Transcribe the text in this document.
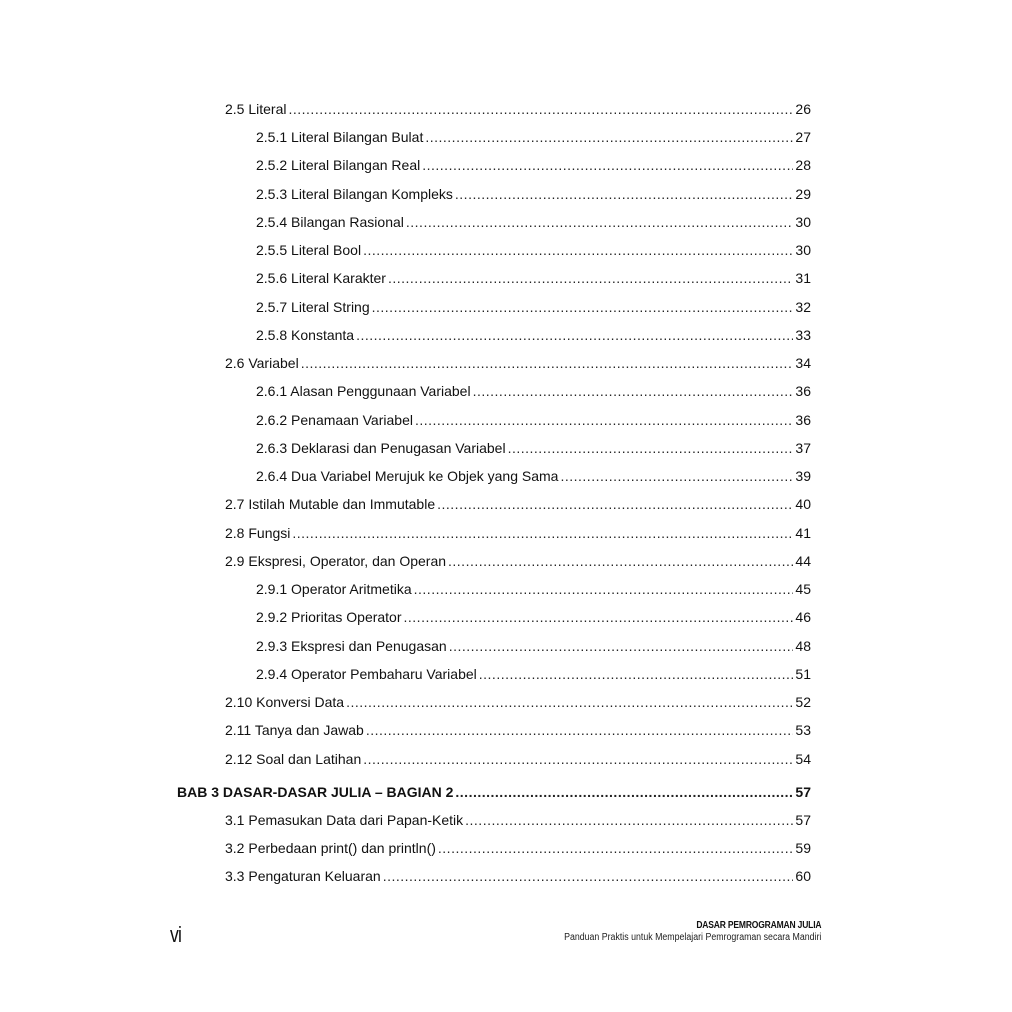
2.5 Literal .....	26
2.5.1 Literal Bilangan Bulat .....	27
2.5.2 Literal Bilangan Real .....	28
2.5.3 Literal Bilangan Kompleks .....	29
2.5.4 Bilangan Rasional .....	30
2.5.5 Literal Bool .....	30
2.5.6 Literal Karakter .....	31
2.5.7 Literal String .....	32
2.5.8 Konstanta .....	33
2.6 Variabel .....	34
2.6.1 Alasan Penggunaan Variabel .....	36
2.6.2 Penamaan Variabel .....	36
2.6.3 Deklarasi dan Penugasan Variabel .....	37
2.6.4 Dua Variabel Merujuk ke Objek yang Sama .....	39
2.7 Istilah Mutable dan Immutable .....	40
2.8 Fungsi .....	41
2.9 Ekspresi, Operator, dan Operan .....	44
2.9.1 Operator Aritmetika .....	45
2.9.2 Prioritas Operator .....	46
2.9.3 Ekspresi dan Penugasan .....	48
2.9.4 Operator Pembaharu Variabel .....	51
2.10 Konversi Data .....	52
2.11 Tanya dan Jawab .....	53
2.12 Soal dan Latihan .....	54
BAB 3 DASAR-DASAR JULIA – BAGIAN 2 .....	57
3.1 Pemasukan Data dari Papan-Ketik .....	57
3.2 Perbedaan print() dan println() .....	59
3.3 Pengaturan Keluaran .....	60
vi	DASAR PEMROGRAMAN JULIA
Panduan Praktis untuk Mempelajari Pemrograman secara Mandiri
